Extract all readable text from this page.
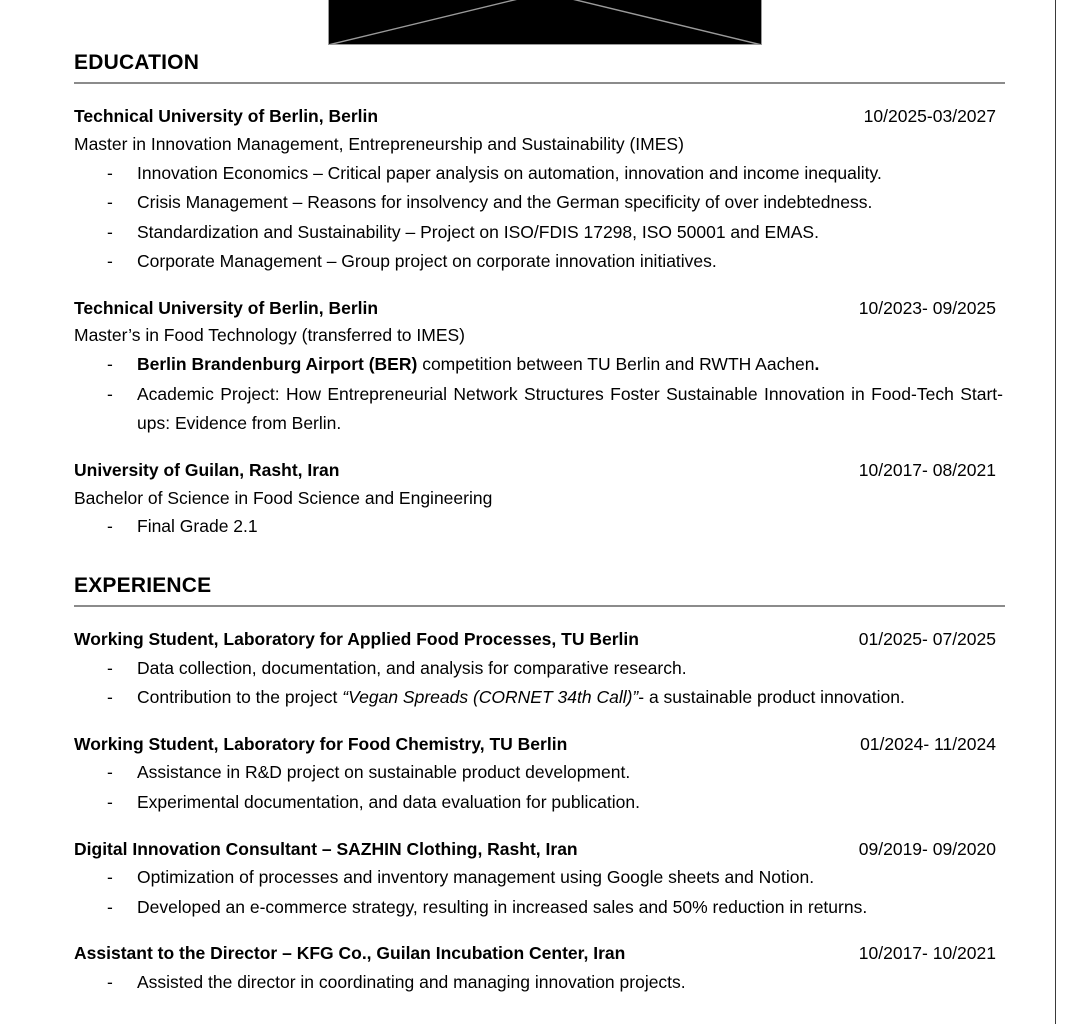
EDUCATION
Technical University of Berlin, Berlin	10/2025-03/2027
Master in Innovation Management, Entrepreneurship and Sustainability (IMES)
- Innovation Economics – Critical paper analysis on automation, innovation and income inequality.
- Crisis Management – Reasons for insolvency and the German specificity of over indebtedness.
- Standardization and Sustainability – Project on ISO/FDIS 17298, ISO 50001 and EMAS.
- Corporate Management – Group project on corporate innovation initiatives.
Technical University of Berlin, Berlin	10/2023- 09/2025
Master’s in Food Technology (transferred to IMES)
- Berlin Brandenburg Airport (BER) competition between TU Berlin and RWTH Aachen.
- Academic Project: How Entrepreneurial Network Structures Foster Sustainable Innovation in Food-Tech Start-ups: Evidence from Berlin.
University of Guilan, Rasht, Iran	10/2017- 08/2021
Bachelor of Science in Food Science and Engineering
- Final Grade 2.1
EXPERIENCE
Working Student, Laboratory for Applied Food Processes, TU Berlin	01/2025- 07/2025
- Data collection, documentation, and analysis for comparative research.
- Contribution to the project “Vegan Spreads (CORNET 34th Call)”- a sustainable product innovation.
Working Student, Laboratory for Food Chemistry, TU Berlin	01/2024- 11/2024
- Assistance in R&D project on sustainable product development.
- Experimental documentation, and data evaluation for publication.
Digital Innovation Consultant – SAZHIN Clothing, Rasht, Iran	09/2019- 09/2020
- Optimization of processes and inventory management using Google sheets and Notion.
- Developed an e-commerce strategy, resulting in increased sales and 50% reduction in returns.
Assistant to the Director – KFG Co., Guilan Incubation Center, Iran	10/2017- 10/2021
- Assisted the director in coordinating and managing innovation projects.
